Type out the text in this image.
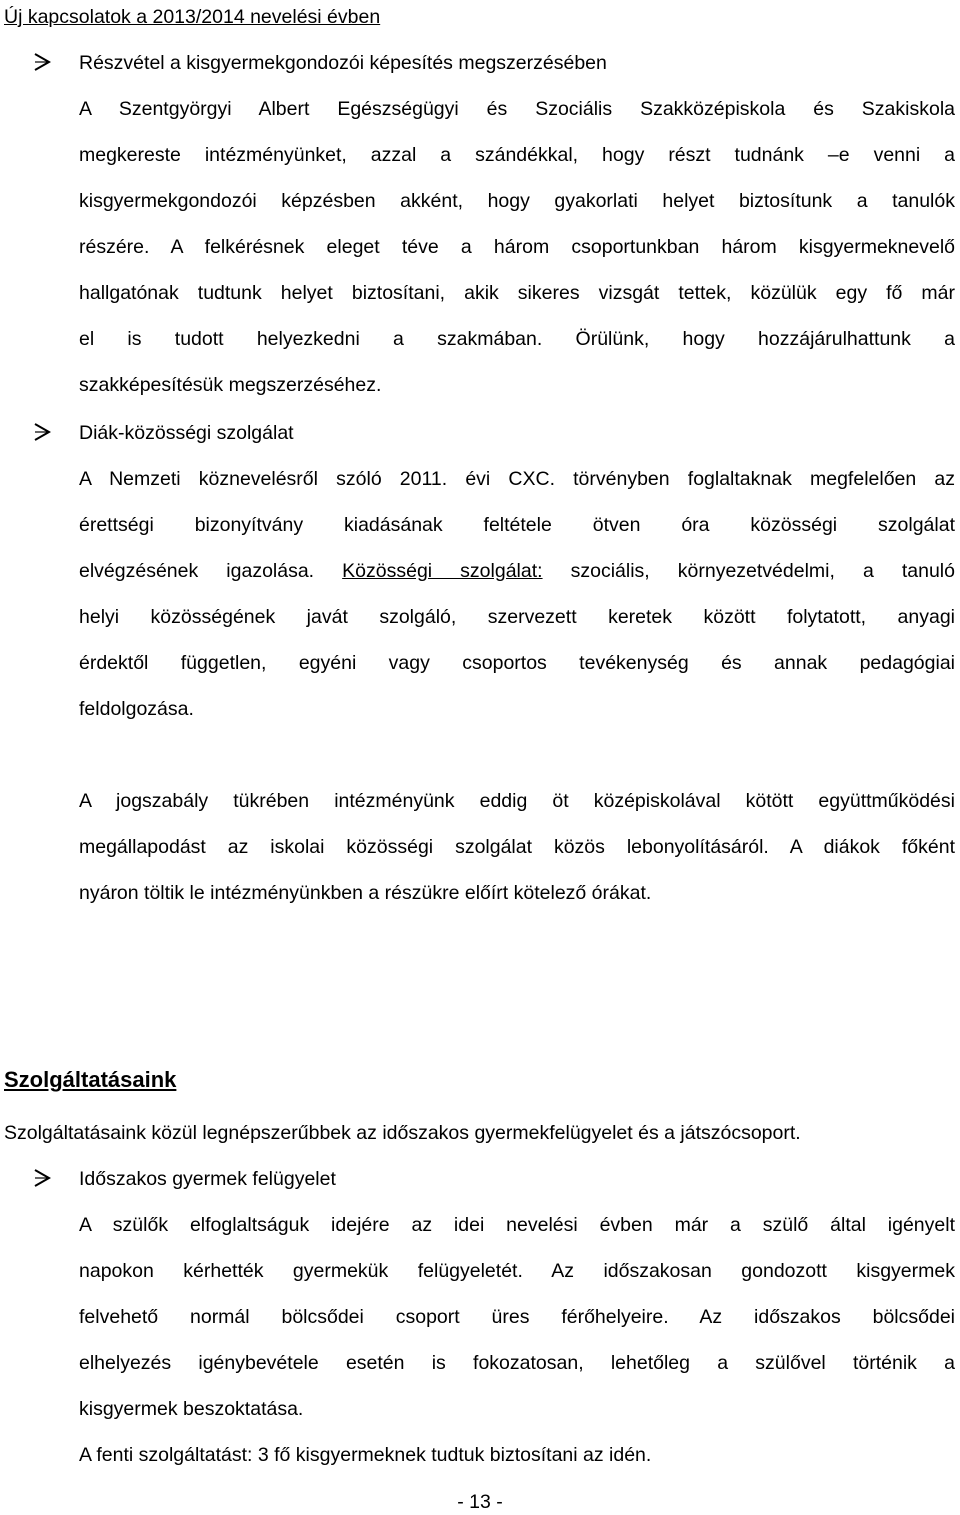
Új kapcsolatok a 2013/2014 nevelési évben
Részvétel a kisgyermekgondozói képesítés megszerzésében
A Szentgyörgyi Albert Egészségügyi és Szociális Szakközépiskola és Szakiskola
megkereste intézményünket, azzal a szándékkal, hogy részt tudnánk –e venni a
kisgyermekgondozói képzésben akként, hogy gyakorlati helyet biztosítunk a tanulók
részére. A felkérésnek eleget téve a három csoportunkban három kisgyermeknevelő
hallgatónak tudtunk helyet biztosítani, akik sikeres vizsgát tettek, közülük egy fő már
el is tudott helyezkedni a szakmában. Örülünk, hogy hozzájárulhattunk a
szakképesítésük megszerzéséhez.
Diák-közösségi szolgálat
A Nemzeti köznevelésről szóló 2011. évi CXC. törvényben foglaltaknak megfelelően az
érettségi bizonyítvány kiadásának feltétele ötven óra közösségi szolgálat
elvégzésének igazolása. Közösségi szolgálat: szociális, környezetvédelmi, a tanuló
helyi közösségének javát szolgáló, szervezett keretek között folytatott, anyagi
érdektől független, egyéni vagy csoportos tevékenység és annak pedagógiai
feldolgozása.
A jogszabály tükrében intézményünk eddig öt középiskolával kötött együttműködési
megállapodást az iskolai közösségi szolgálat közös lebonyolításáról. A diákok főként
nyáron töltik le intézményünkben a részükre előírt kötelező órákat.
Szolgáltatásaink
Szolgáltatásaink közül legnépszerűbbek az időszakos gyermekfelügyelet és a játszócsoport.
Időszakos gyermek felügyelet
A szülők elfoglaltságuk idejére az idei nevelési évben már a szülő által igényelt
napokon kérhették gyermekük felügyeletét. Az időszakosan gondozott kisgyermek
felvehető normál bölcsődei csoport üres férőhelyeire. Az időszakos bölcsődei
elhelyezés igénybevétele esetén is fokozatosan, lehetőleg a szülővel történik a
kisgyermek beszoktatása.
A fenti szolgáltatást: 3 fő kisgyermeknek tudtuk biztosítani az idén.
- 13 -
